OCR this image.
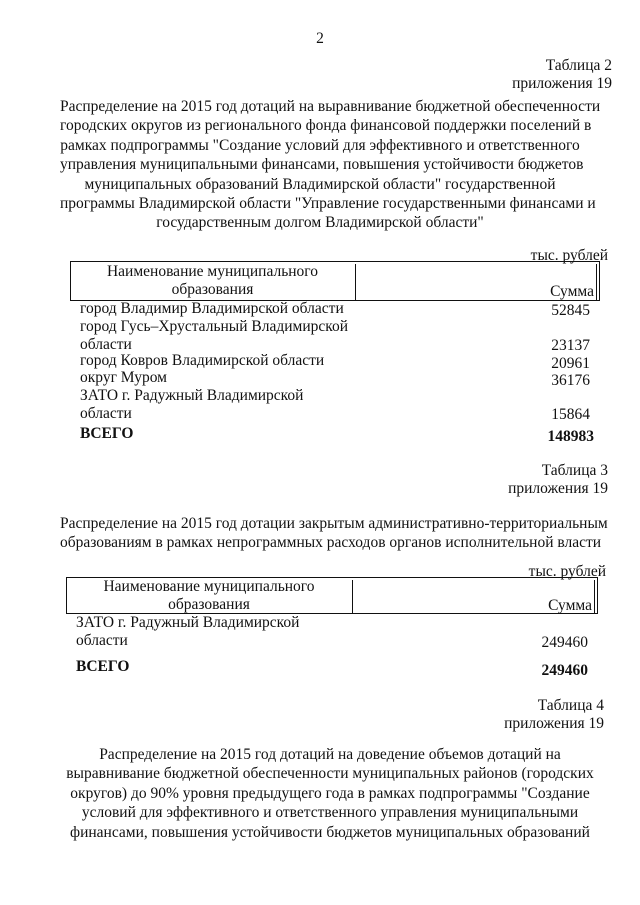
2
Таблица 2
приложения 19
Распределение на 2015 год дотаций на выравнивание бюджетной обеспеченности
городских округов из регионального фонда финансовой поддержки поселений в
рамках подпрограммы "Создание условий для эффективного и ответственного
управления муниципальными финансами, повышения устойчивости бюджетов
муниципальных образований Владимирской области" государственной
программы Владимирской области "Управление государственными финансами и
государственным долгом Владимирской области"
тыс. рублей
Наименование муниципального
образования	Сумма
город Владимир Владимирской области	52845
город Гусь–Хрустальный Владимирской
области	23137
город Ковров Владимирской области	20961
округ Муром	36176
ЗАТО г. Радужный Владимирской
области	15864
ВСЕГО	148983
Таблица 3
приложения 19
Распределение на 2015 год дотации закрытым административно-территориальным
образованиям в рамках непрограммных расходов органов исполнительной власти
тыс. рублей
Наименование муниципального
образования	Сумма
ЗАТО г. Радужный Владимирской
области	249460
ВСЕГО	249460
Таблица 4
приложения 19
Распределение на 2015 год дотаций на доведение объемов дотаций на
выравнивание бюджетной обеспеченности муниципальных районов (городских
округов) до 90% уровня предыдущего года в рамках подпрограммы "Создание
условий для эффективного и ответственного управления муниципальными
финансами, повышения устойчивости бюджетов муниципальных образований
